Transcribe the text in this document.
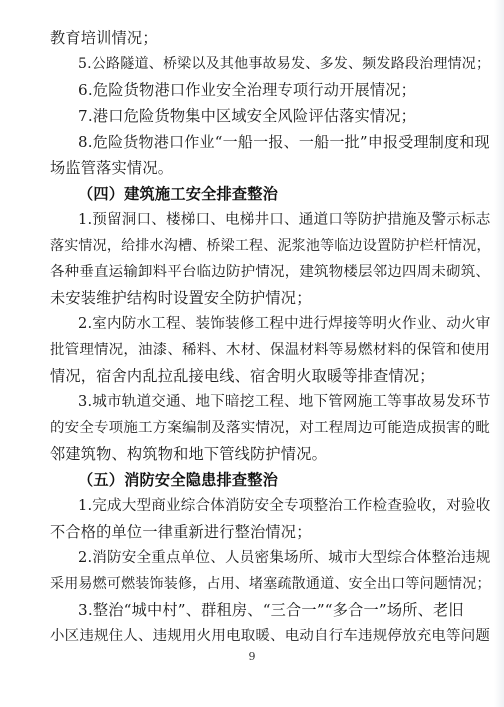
教育培训情况；
5.公路隧道、桥梁以及其他事故易发、多发、频发路段治理情况；
6.危险货物港口作业安全治理专项行动开展情况；
7.港口危险货物集中区域安全风险评估落实情况；
8.危险货物港口作业“一船一报、一船一批”申报受理制度和现
场监管落实情况。
（四）建筑施工安全排查整治
1.预留洞口、楼梯口、电梯井口、通道口等防护措施及警示标志
落实情况，给排水沟槽、桥梁工程、泥浆池等临边设置防护栏杆情况，
各种垂直运输卸料平台临边防护情况，建筑物楼层邻边四周未砌筑、
未安装维护结构时设置安全防护情况；
2.室内防水工程、装饰装修工程中进行焊接等明火作业、动火审
批管理情况，油漆、稀料、木材、保温材料等易燃材料的保管和使用
情况，宿舍内乱拉乱接电线、宿舍明火取暖等排查情况；
3.城市轨道交通、地下暗挖工程、地下管网施工等事故易发环节
的安全专项施工方案编制及落实情况，对工程周边可能造成损害的毗
邻建筑物、构筑物和地下管线防护情况。
（五）消防安全隐患排查整治
1.完成大型商业综合体消防安全专项整治工作检查验收，对验收
不合格的单位一律重新进行整治情况；
2.消防安全重点单位、人员密集场所、城市大型综合体整治违规
采用易燃可燃装饰装修，占用、堵塞疏散通道、安全出口等问题情况；
3.整治“城中村”、群租房、“三合一”“多合一”场所、老旧
小区违规住人、违规用火用电取暖、电动自行车违规停放充电等问题
9
